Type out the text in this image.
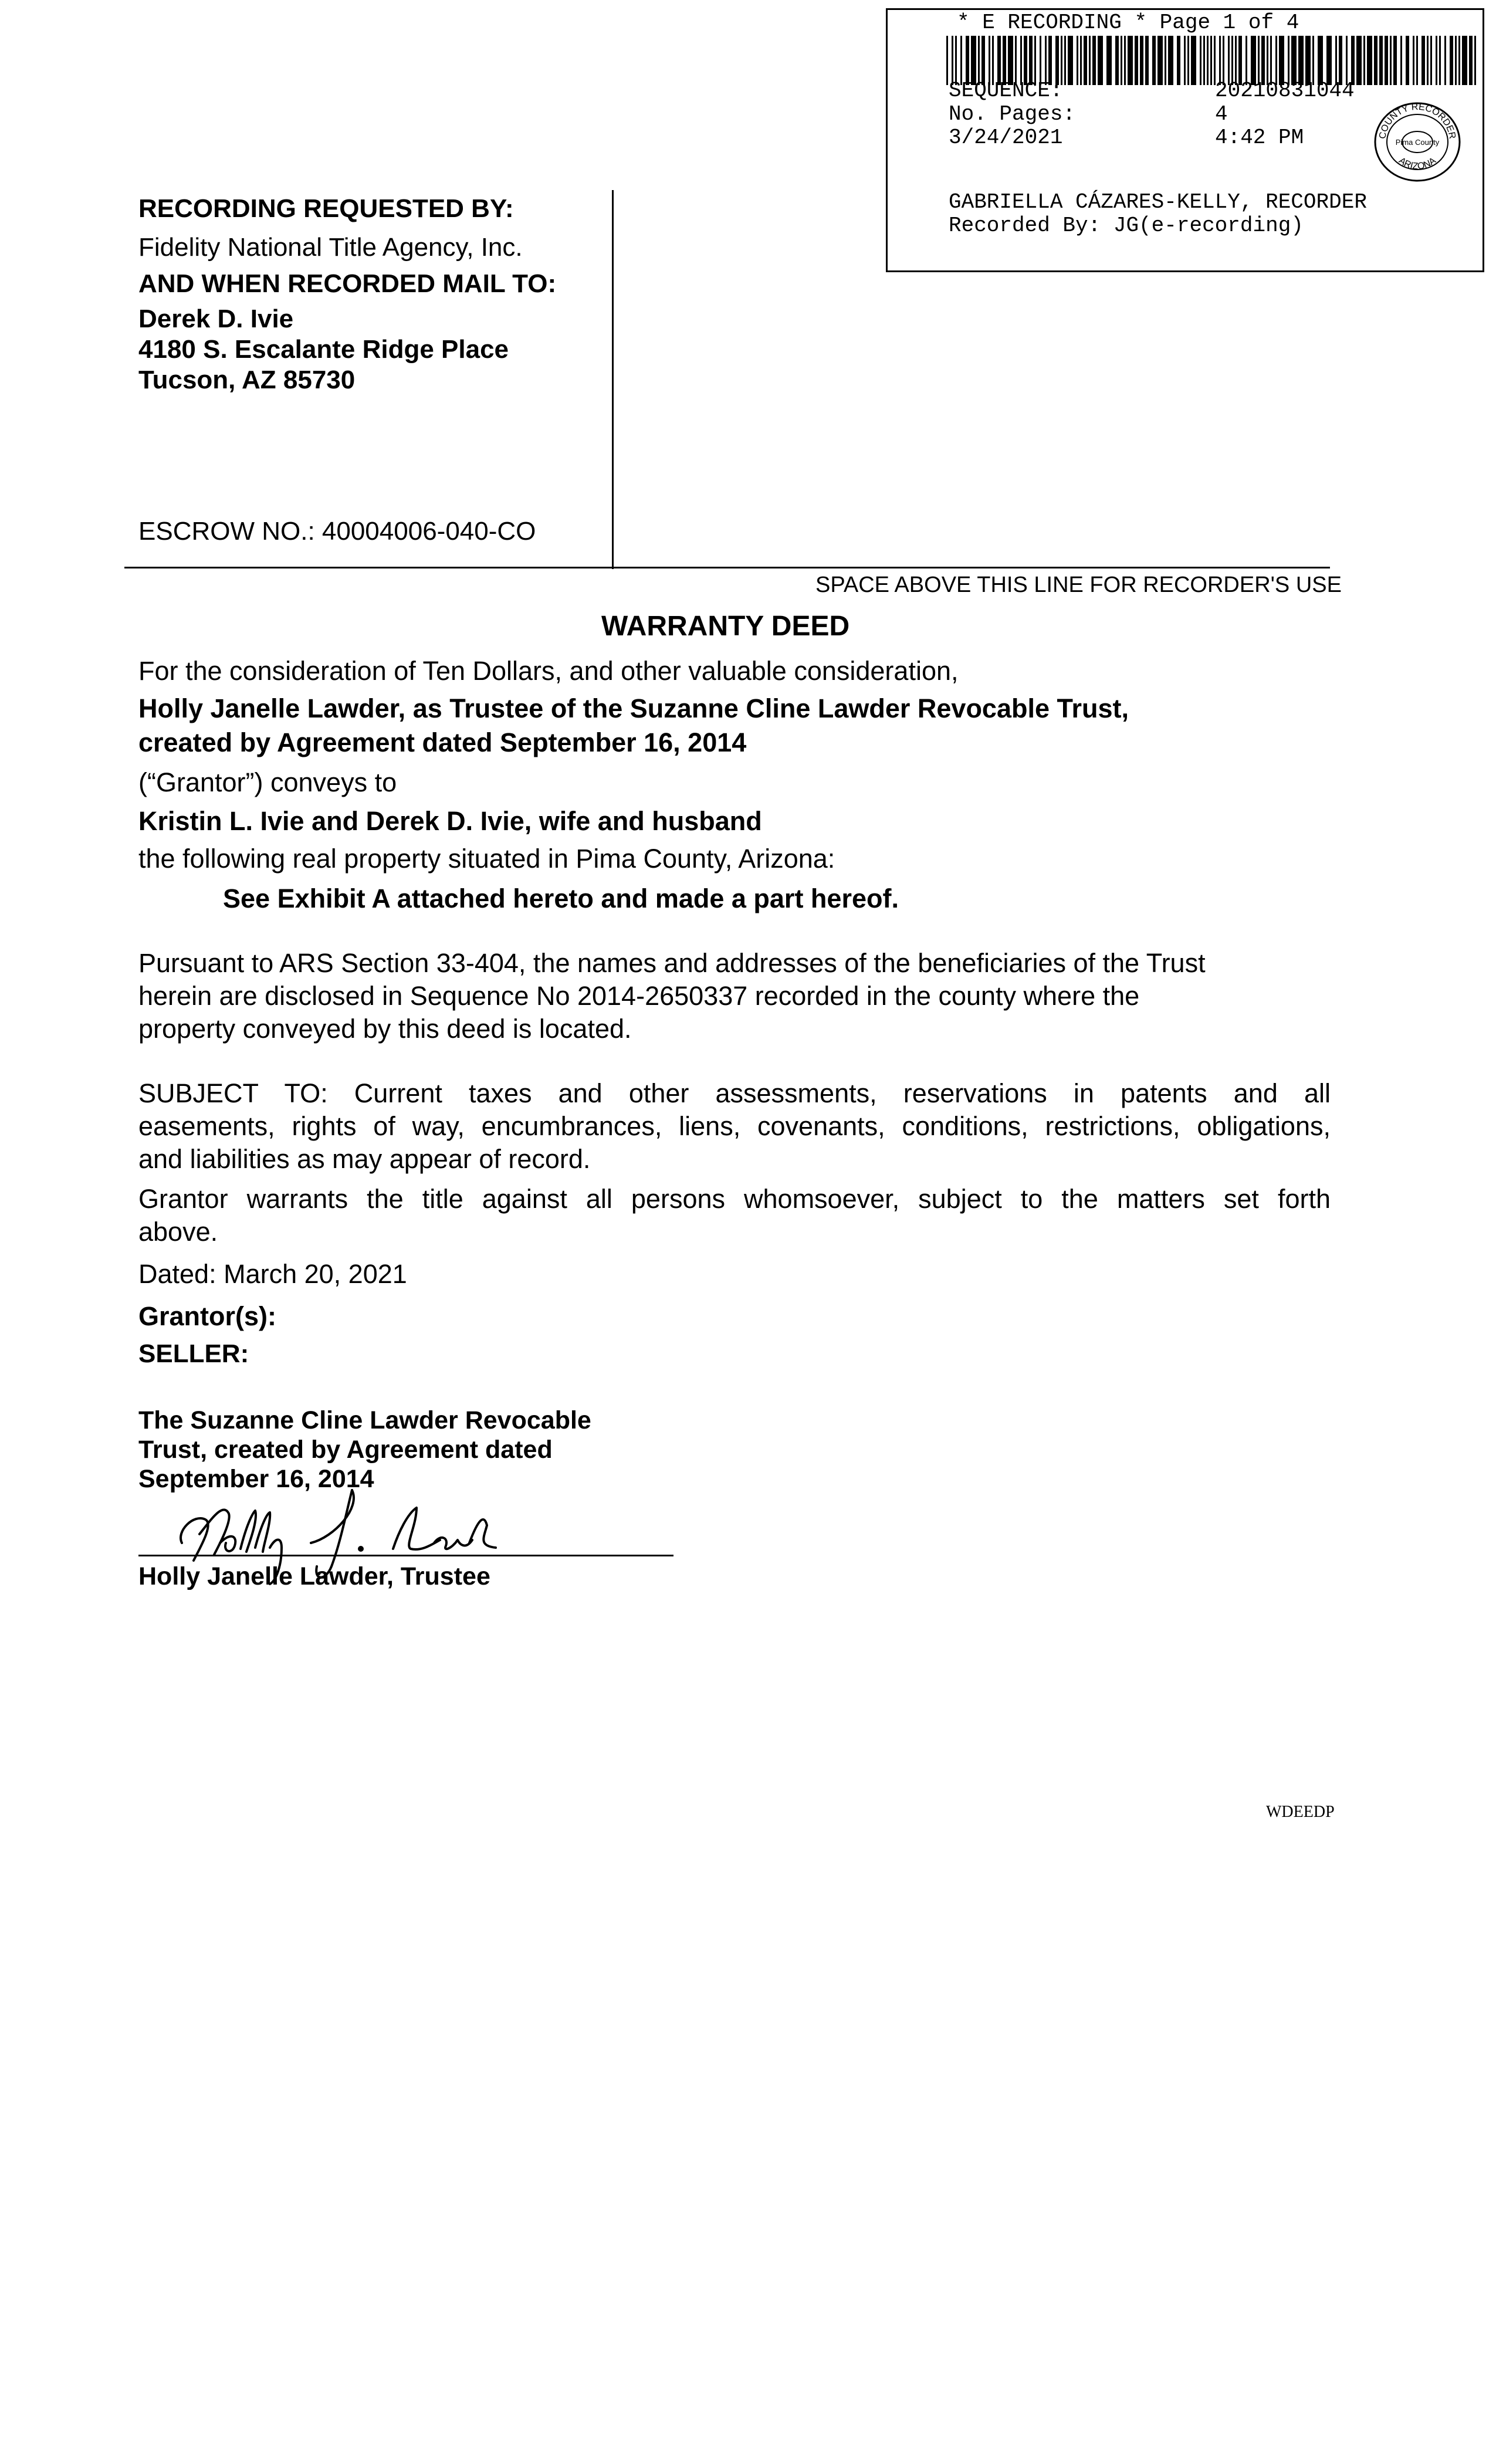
* E RECORDING * Page 1 of 4
SEQUENCE:	20210831044
No. Pages:	4
3/24/2021	4:42 PM	COUNTY RECORDER
ARIZONA
Pima County
GABRIELLA CÁZARES-KELLY, RECORDER
Recorded By: JG(e-recording)
RECORDING REQUESTED BY:
Fidelity National Title Agency, Inc.
AND WHEN RECORDED MAIL TO:
Derek D. Ivie
4180 S. Escalante Ridge Place
Tucson, AZ 85730
ESCROW NO.: 40004006-040-CO
SPACE ABOVE THIS LINE FOR RECORDER'S USE
WARRANTY DEED
For the consideration of Ten Dollars, and other valuable consideration,
Holly Janelle Lawder, as Trustee of the Suzanne Cline Lawder Revocable Trust,
created by Agreement dated September 16, 2014
(“Grantor”) conveys to
Kristin L. Ivie and Derek D. Ivie, wife and husband
the following real property situated in Pima County, Arizona:
See Exhibit A attached hereto and made a part hereof.
Pursuant to ARS Section 33-404, the names and addresses of the beneficiaries of the Trust
herein are disclosed in Sequence No 2014-2650337 recorded in the county where the
property conveyed by this deed is located.
SUBJECT TO: Current taxes and other assessments, reservations in patents and all
easements, rights of way, encumbrances, liens, covenants, conditions, restrictions, obligations,
and liabilities as may appear of record.
Grantor warrants the title against all persons whomsoever, subject to the matters set forth
above.
Dated: March 20, 2021
Grantor(s):
SELLER:
The Suzanne Cline Lawder Revocable
Trust, created by Agreement dated
September 16, 2014
Holly Janelle Lawder, Trustee
WDEEDP
